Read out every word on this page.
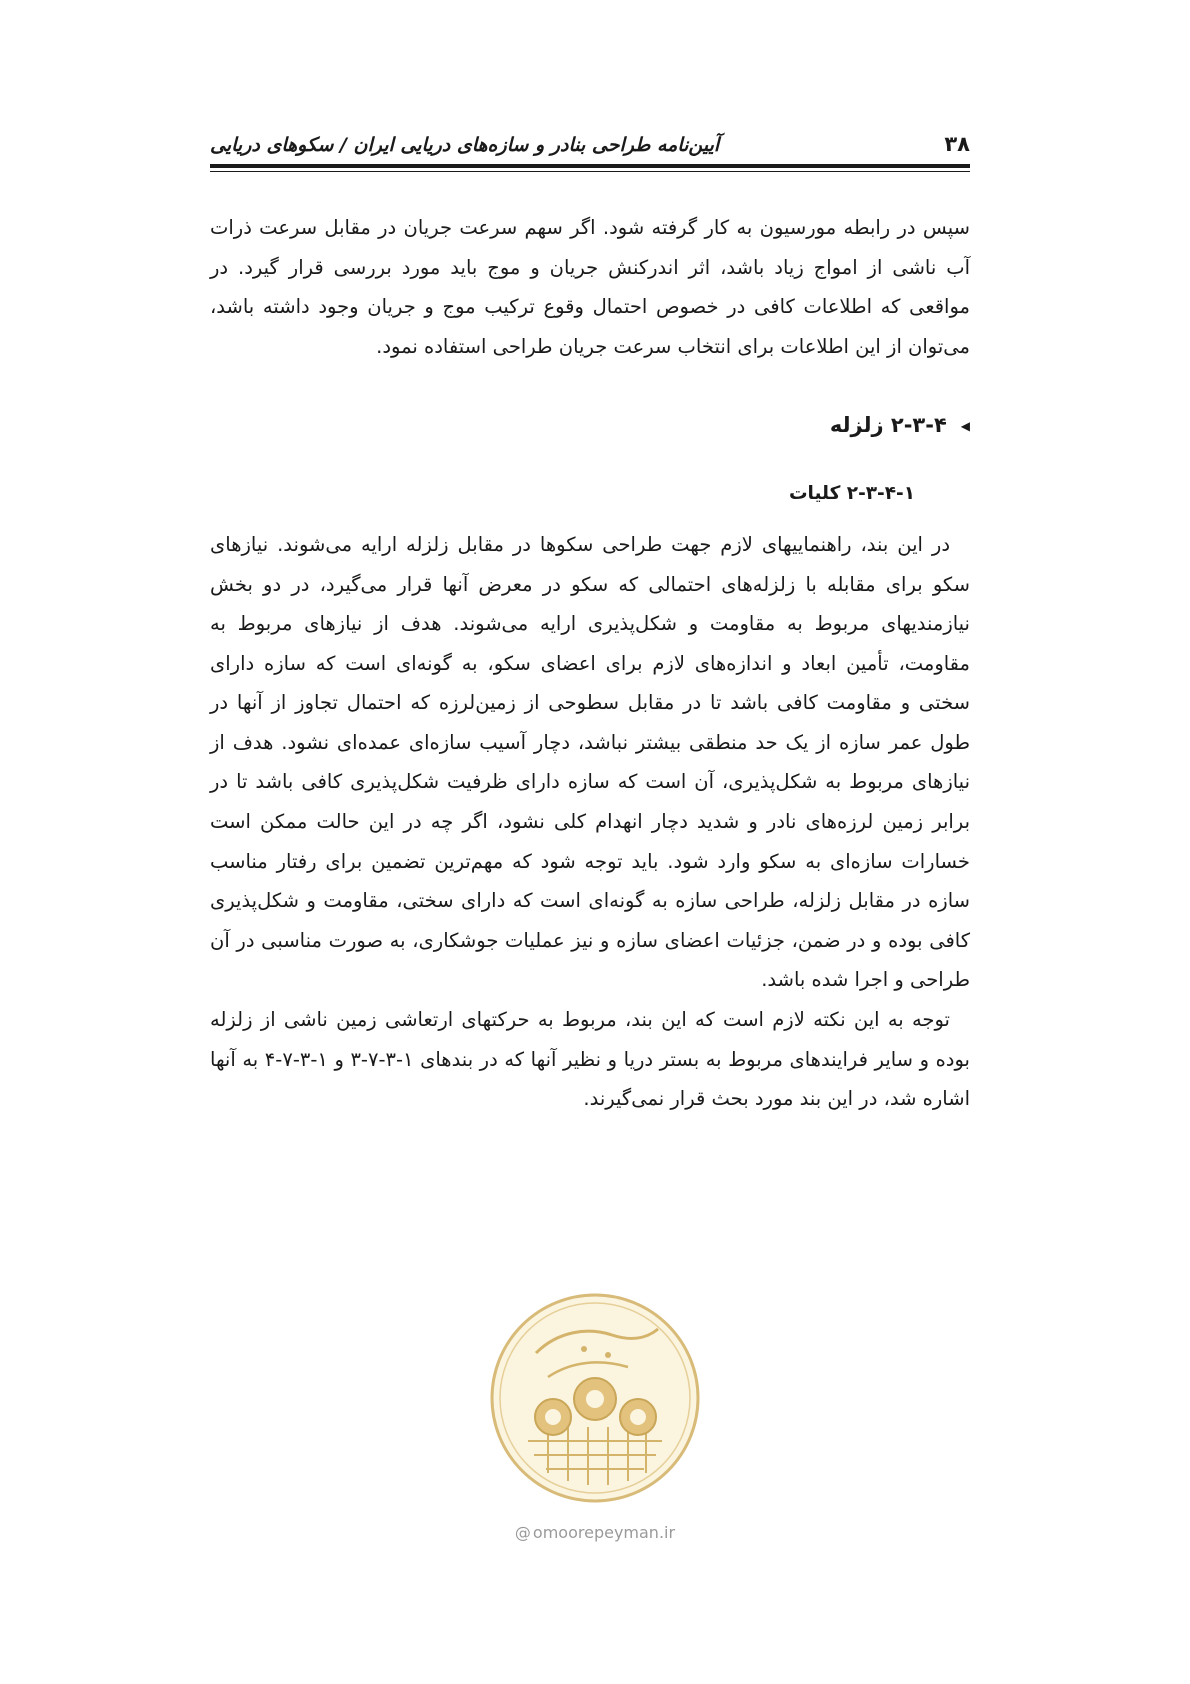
۳۸
آیین‌نامه طراحی بنادر و سازه‌های دریایی ایران / سکوهای دریایی

سپس در رابطه مورسیون به کار گرفته شود. اگر سهم سرعت جریان در مقابل سرعت ذرات آب ناشی از امواج زیاد باشد، اثر اندرکنش جریان و موج باید مورد بررسی قرار گیرد. در مواقعی که اطلاعات کافی در خصوص احتمال وقوع ترکیب موج و جریان وجود داشته باشد، می‌توان از این اطلاعات برای انتخاب سرعت جریان طراحی استفاده نمود.

◀۲-۳-۴ زلزله
۲-۳-۴-۱ کلیات

در این بند، راهنماییهای لازم جهت طراحی سکوها در مقابل زلزله ارایه می‌شوند. نیازهای سکو برای مقابله با زلزله‌های احتمالی که سکو در معرض آنها قرار می‌گیرد، در دو بخش نیازمندیهای مربوط به مقاومت و شکل‌پذیری ارایه می‌شوند. هدف از نیازهای مربوط به مقاومت، تأمین ابعاد و اندازه‌های لازم برای اعضای سکو، به گونه‌ای است که سازه دارای سختی و مقاومت کافی باشد تا در مقابل سطوحی از زمین‌لرزه که احتمال تجاوز از آنها در طول عمر سازه از یک حد منطقی بیشتر نباشد، دچار آسیب سازه‌ای عمده‌ای نشود. هدف از نیازهای مربوط به شکل‌پذیری، آن است که سازه دارای ظرفیت شکل‌پذیری کافی باشد تا در برابر زمین لرزه‌های نادر و شدید دچار انهدام کلی نشود، اگر چه در این حالت ممکن است خسارات سازه‌ای به سکو وارد شود. باید توجه شود که مهم‌ترین تضمین برای رفتار مناسب سازه در مقابل زلزله، طراحی سازه به گونه‌ای است که دارای سختی، مقاومت و شکل‌پذیری کافی بوده و در ضمن، جزئیات اعضای سازه و نیز عملیات جوشکاری، به صورت مناسبی در آن طراحی و اجرا شده باشد.

توجه به این نکته لازم است که این بند، مربوط به حرکتهای ارتعاشی زمین ناشی از زلزله بوده و سایر فرایندهای مربوط به بستر دریا و نظیر آنها که در بندهای ۱-۳-۷-۳ و ۱-۳-۷-۴ به آنها اشاره شد، در این بند مورد بحث قرار نمی‌گیرند.

@ omoorepeyman.ir
